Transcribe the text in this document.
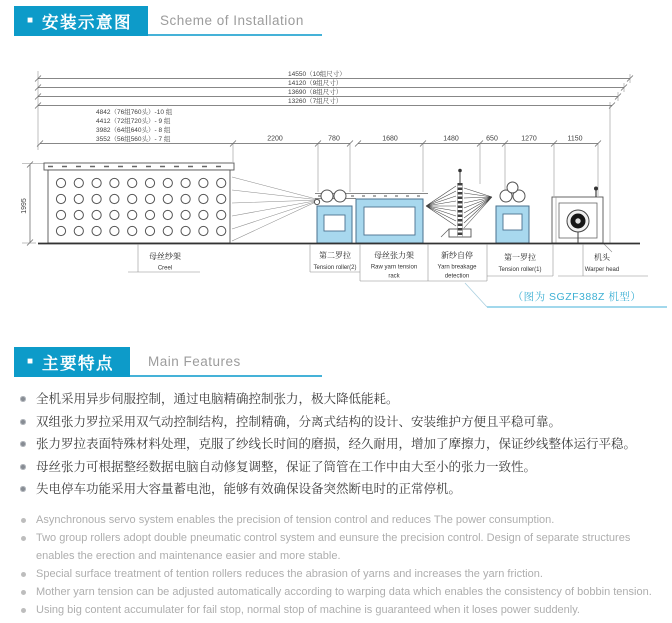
■ 安装示意图 Scheme of Installation
14550（10组尺寸）
14120（9组尺寸）
13690（8组尺寸）
13260（7组尺寸）
4842（76组760头）-10 组
4412（72组720头）- 9 组
3982（64组640头）- 8 组
3552（56组560头）- 7 组	2200	780	1680	1480	650	1270	1150
1995
母丝纱架
Creel
第二罗拉
Tension roller(2)
母丝张力架
Raw yarn tension
rack
新纱自停
Yarn breakage
detection
第一罗拉
Tension roller(1)
机头
Warper head
（图为 SGZF388Z 机型）
■ 主要特点	Main Features
全机采用异步伺服控制，通过电脑精确控制张力，极大降低能耗。
双组张力罗拉采用双气动控制结构，控制精确，分离式结构的设计、安装维护方便且平稳可靠。
张力罗拉表面特殊材料处理，克服了纱线长时间的磨损，经久耐用，增加了摩擦力，保证纱线整体运行平稳。
母丝张力可根据整经数据电脑自动修复调整，保证了筒管在工作中由大至小的张力一致性。
失电停车功能采用大容量蓄电池，能够有效确保设备突然断电时的正常停机。
Asynchronous servo system enables the precision of tension control and reduces The power consumption.
Two group rollers adopt double pneumatic control system and eunsure the precision control. Design of separate structures enables the erection and maintenance easier and more stable.
Special surface treatment of tention rollers reduces the abrasion of yarns and increases the yarn friction.
Mother yarn tension can be adjusted automatically according to warping data which enables the consistency of bobbin tension.
Using big content accumulater for fail stop, normal stop of machine is guaranteed when it loses power suddenly.
